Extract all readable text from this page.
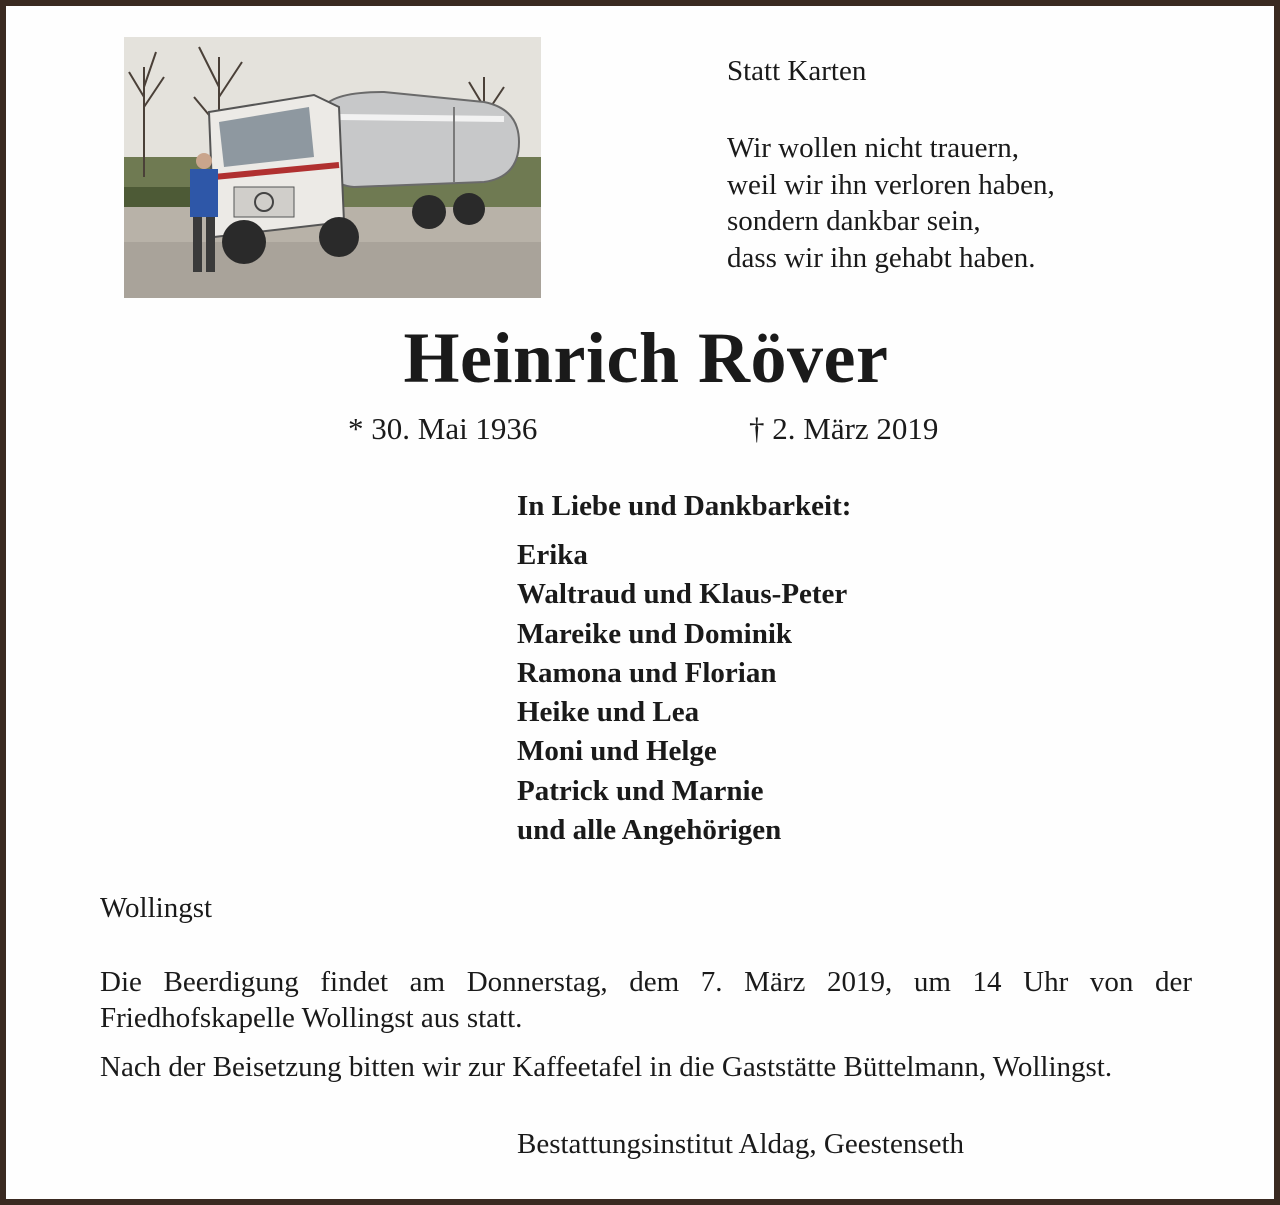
Statt Karten
Wir wollen nicht trauern,
weil wir ihn verloren haben,
sondern dankbar sein,
dass wir ihn gehabt haben.
Heinrich Röver
* 30. Mai 1936	† 2. März 2019
In Liebe und Dankbarkeit:
Erika
Waltraud und Klaus-Peter
Mareike und Dominik
Ramona und Florian
Heike und Lea
Moni und Helge
Patrick und Marnie
und alle Angehörigen
Wollingst
Die Beerdigung findet am Donnerstag, dem 7. März 2019, um 14 Uhr von der Friedhofskapelle Wollingst aus statt.
Nach der Beisetzung bitten wir zur Kaffeetafel in die Gaststätte Büttelmann, Wollingst.
Bestattungsinstitut Aldag, Geestenseth
